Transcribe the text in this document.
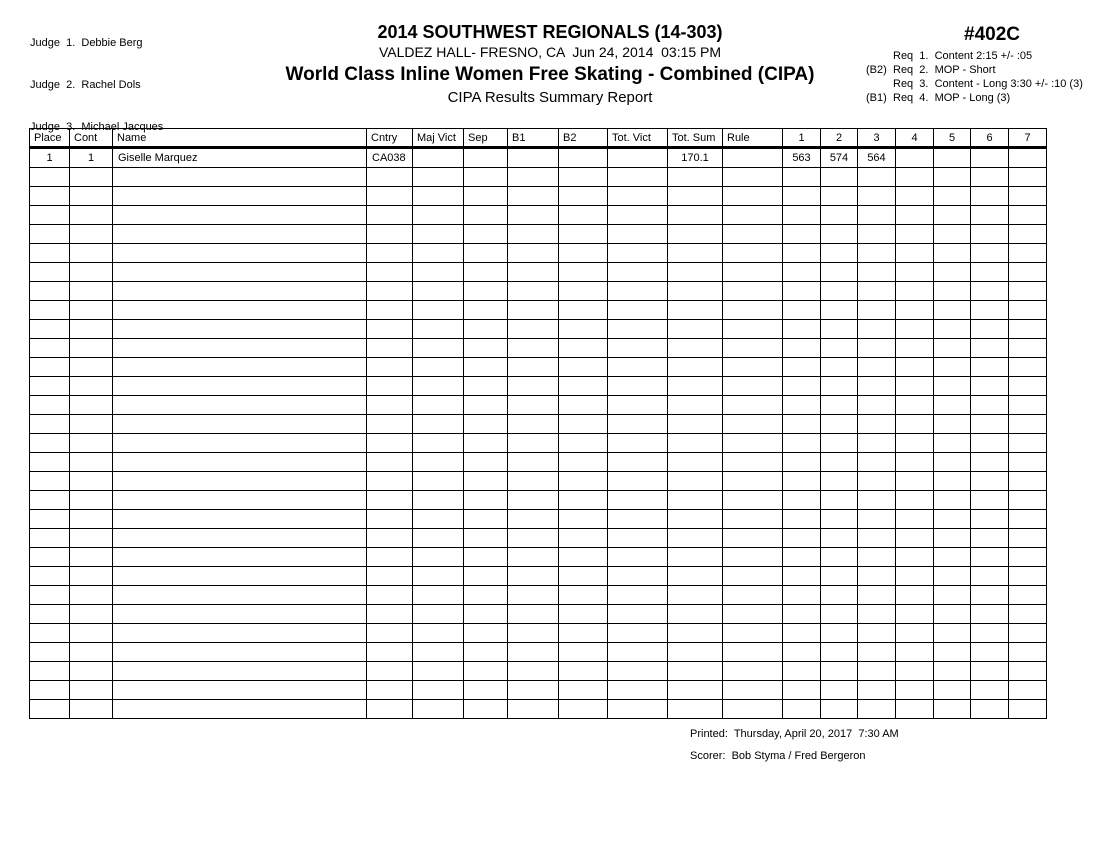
Judge  1.  Debbie Berg

Judge  2.  Rachel Dols

Judge  3.  Michael Jacques

2014 SOUTHWEST REGIONALS (14-303)
VALDEZ HALL- FRESNO, CA  Jun 24, 2014  03:15 PM
World Class Inline Women Free Skating - Combined (CIPA)
CIPA Results Summary Report
#402C
Req  1.  Content 2:15 +/- :05
(B2) Req  2.  MOP - Short
Req  3.  Content - Long 3:30 +/- :10 (3)
(B1) Req  4.  MOP - Long (3)
Place	Cont	Name	Cntry	Maj Vict	Sep	B1	B2	Tot. Vict	Tot. Sum	Rule	1	2	3	4	5	6	7
1	1	Giselle Marquez	CA038						170.1		563	574	564				

Printed:  Thursday, April 20, 2017  7:30 AM
Scorer:  Bob Styma / Fred Bergeron
